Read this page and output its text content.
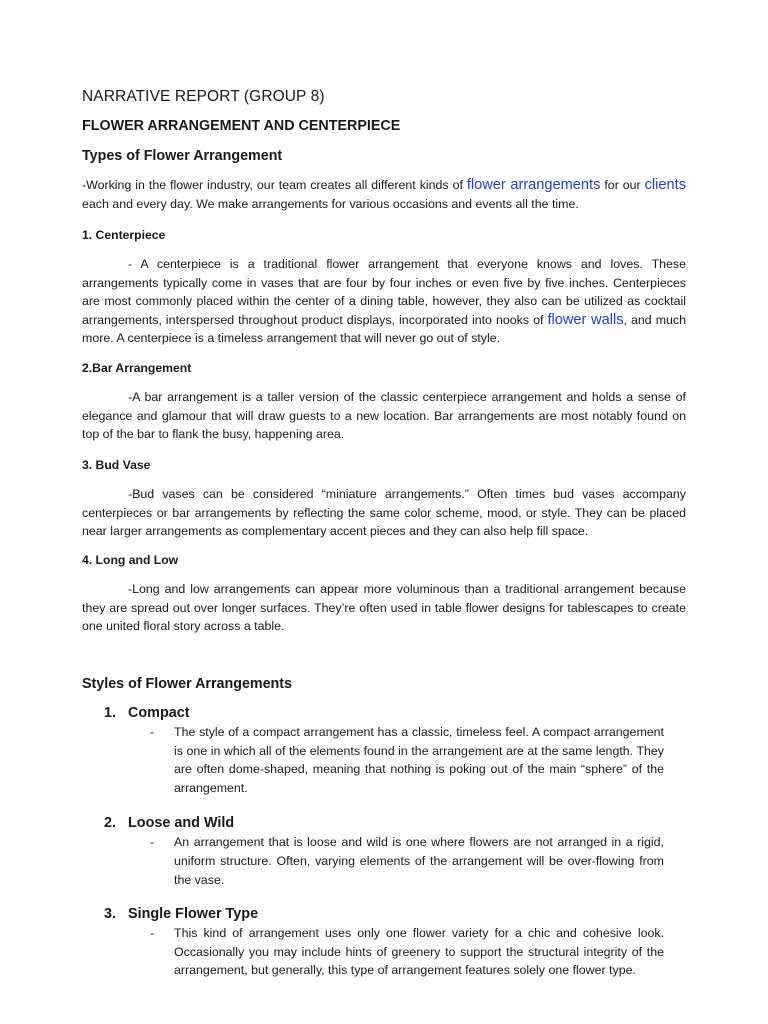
NARRATIVE REPORT (GROUP 8)

FLOWER ARRANGEMENT AND CENTERPIECE

Types of Flower Arrangement

-Working in the flower industry, our team creates all different kinds of flower arrangements for our clients each and every day. We make arrangements for various occasions and events all the time.

1. Centerpiece

- A centerpiece is a traditional flower arrangement that everyone knows and loves. These arrangements typically come in vases that are four by four inches or even five by five inches. Centerpieces are most commonly placed within the center of a dining table, however, they also can be utilized as cocktail arrangements, interspersed throughout product displays, incorporated into nooks of flower walls, and much more. A centerpiece is a timeless arrangement that will never go out of style.

2.Bar Arrangement

-A bar arrangement is a taller version of the classic centerpiece arrangement and holds a sense of elegance and glamour that will draw guests to a new location. Bar arrangements are most notably found on top of the bar to flank the busy, happening area.

3. Bud Vase

-Bud vases can be considered “miniature arrangements.” Often times bud vases accompany centerpieces or bar arrangements by reflecting the same color scheme, mood, or style. They can be placed near larger arrangements as complementary accent pieces and they can also help fill space.

4. Long and Low

-Long and low arrangements can appear more voluminous than a traditional arrangement because they are spread out over longer surfaces. They’re often used in table flower designs for tablescapes to create one united floral story across a table.

Styles of Flower Arrangements

1. Compact
- The style of a compact arrangement has a classic, timeless feel. A compact arrangement is one in which all of the elements found in the arrangement are at the same length. They are often dome-shaped, meaning that nothing is poking out of the main “sphere” of the arrangement.
2. Loose and Wild
- An arrangement that is loose and wild is one where flowers are not arranged in a rigid, uniform structure. Often, varying elements of the arrangement will be over-flowing from the vase.
3. Single Flower Type
- This kind of arrangement uses only one flower variety for a chic and cohesive look. Occasionally you may include hints of greenery to support the structural integrity of the arrangement, but generally, this type of arrangement features solely one flower type.
